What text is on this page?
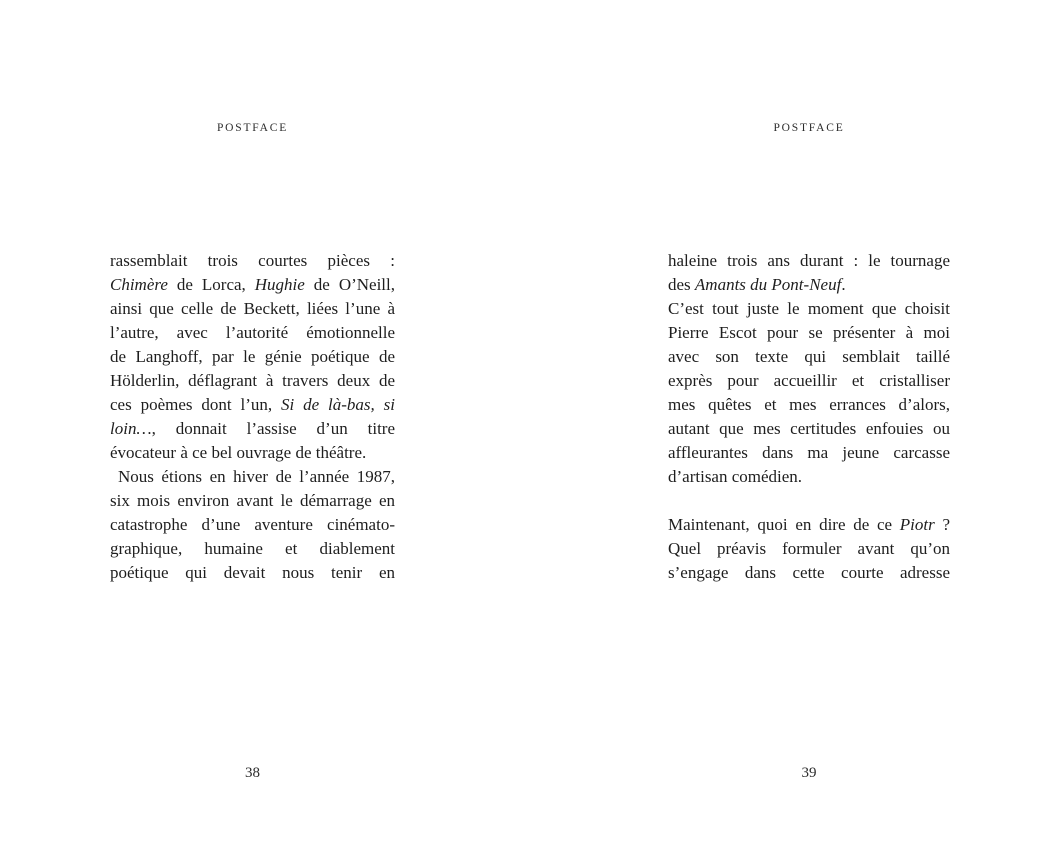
POSTFACE
rassemblait trois courtes pièces :
Chimère de Lorca, Hughie de O’Neill,
ainsi que celle de Beckett, liées l’une à
l’autre, avec l’autorité émotionnelle
de Langhoff, par le génie poétique de
Hölderlin, déflagrant à travers deux de
ces poèmes dont l’un, Si de là-bas, si
loin…, donnait l’assise d’un titre
évocateur à ce bel ouvrage de théâtre.
Nous étions en hiver de l’année 1987,
six mois environ avant le démarrage en
catastrophe d’une aventure cinémato-
graphique, humaine et diablement
poétique qui devait nous tenir en
38
POSTFACE
haleine trois ans durant : le tournage
des Amants du Pont-Neuf.
C’est tout juste le moment que choisit
Pierre Escot pour se présenter à moi
avec son texte qui semblait taillé
exprès pour accueillir et cristalliser
mes quêtes et mes errances d’alors,
autant que mes certitudes enfouies ou
affleurantes dans ma jeune carcasse
d’artisan comédien.
Maintenant, quoi en dire de ce Piotr ?
Quel préavis formuler avant qu’on
s’engage dans cette courte adresse
39
